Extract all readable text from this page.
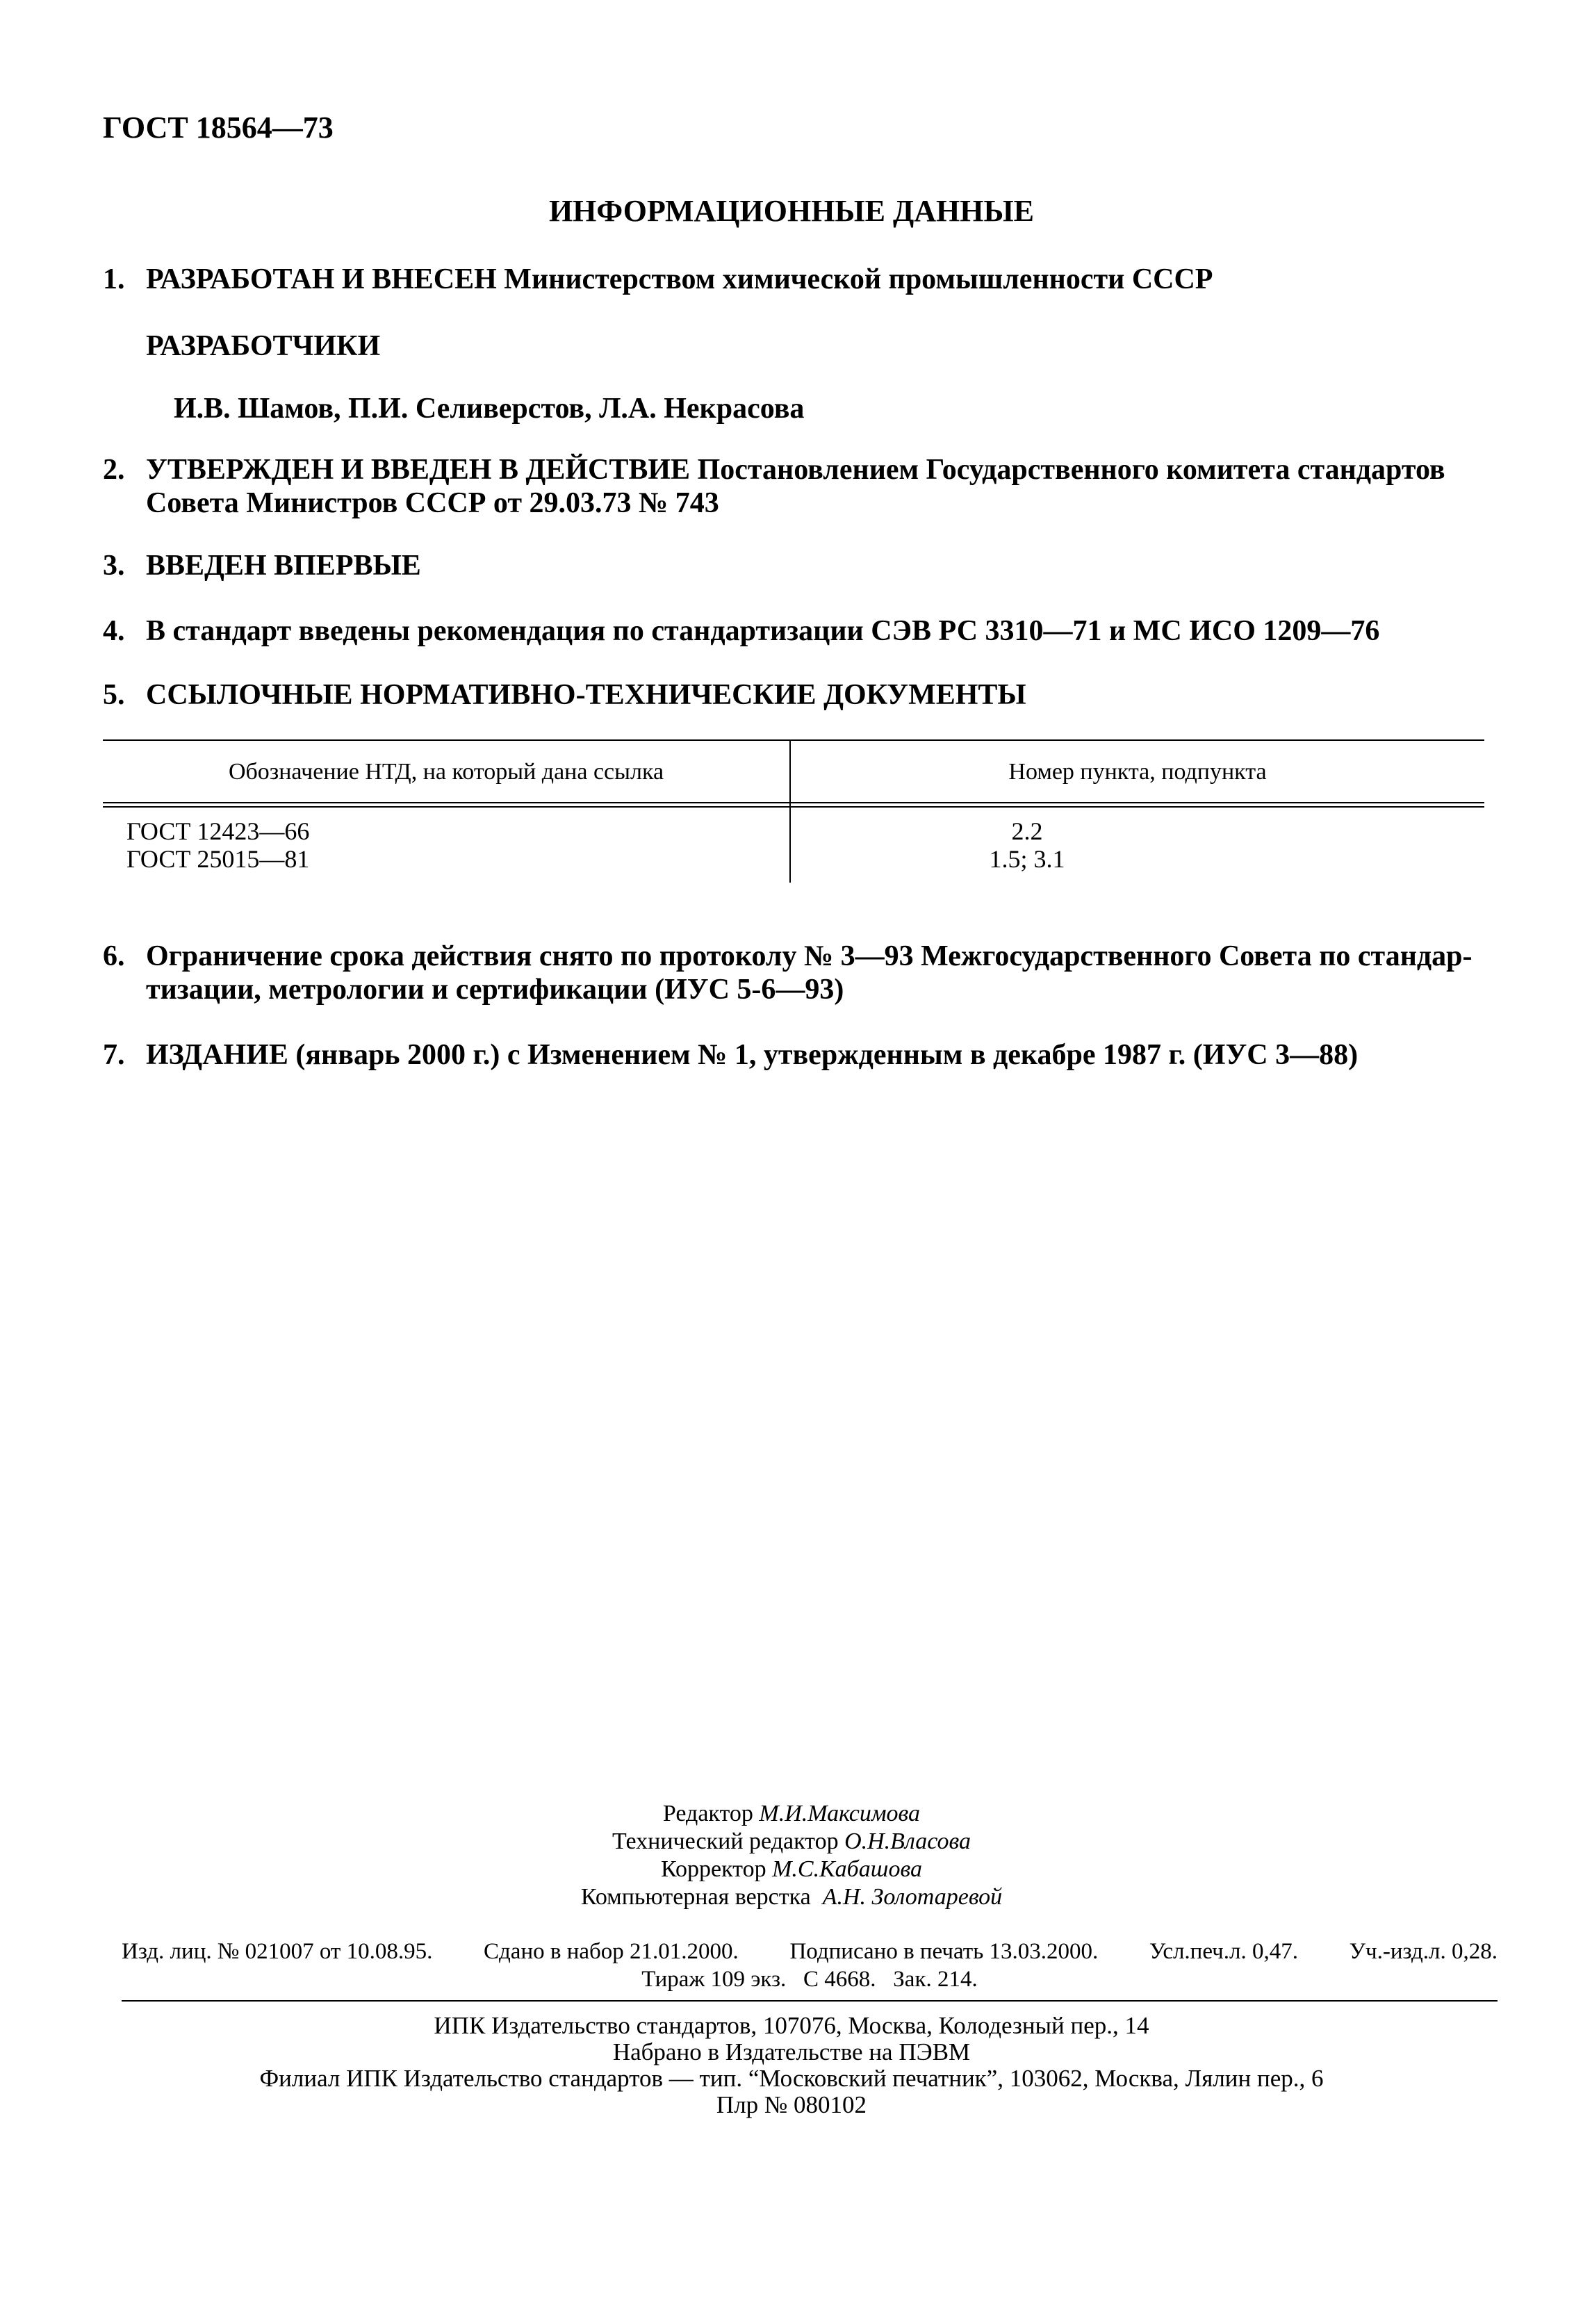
ГОСТ 18564—73
ИНФОРМАЦИОННЫЕ ДАННЫЕ
1. РАЗРАБОТАН И ВНЕСЕН Министерством химической промышленности СССР
РАЗРАБОТЧИКИ
И.В. Шамов, П.И. Селиверстов, Л.А. Некрасова
2. УТВЕРЖДЕН И ВВЕДЕН В ДЕЙСТВИЕ Постановлением Государственного комитета стандартов
Совета Министров СССР от 29.03.73 № 743
3. ВВЕДЕН ВПЕРВЫЕ
4. В стандарт введены рекомендация по стандартизации СЭВ РС 3310—71 и МС ИСО 1209—76
5. ССЫЛОЧНЫЕ НОРМАТИВНО-ТЕХНИЧЕСКИЕ ДОКУМЕНТЫ
Обозначение НТД, на который дана ссылка	Номер пункта, подпункта
ГОСТ 12423—66	2.2
ГОСТ 25015—81	1.5; 3.1
6. Ограничение срока действия снято по протоколу № 3—93 Межгосударственного Совета по стандар-
тизации, метрологии и сертификации (ИУС 5-6—93)
7. ИЗДАНИЕ (январь 2000 г.) с Изменением № 1, утвержденным в декабре 1987 г. (ИУС 3—88)
Редактор М.И.Максимова
Технический редактор О.Н.Власова
Корректор М.С.Кабашова
Компьютерная верстка А.Н. Золотаревой
Изд. лиц. № 021007 от 10.08.95. Сдано в набор 21.01.2000. Подписано в печать 13.03.2000. Усл.печ.л. 0,47. Уч.-изд.л. 0,28.
Тираж 109 экз. С 4668. Зак. 214.
ИПК Издательство стандартов, 107076, Москва, Колодезный пер., 14
Набрано в Издательстве на ПЭВМ
Филиал ИПК Издательство стандартов — тип. “Московский печатник”, 103062, Москва, Лялин пер., 6
Плр № 080102
